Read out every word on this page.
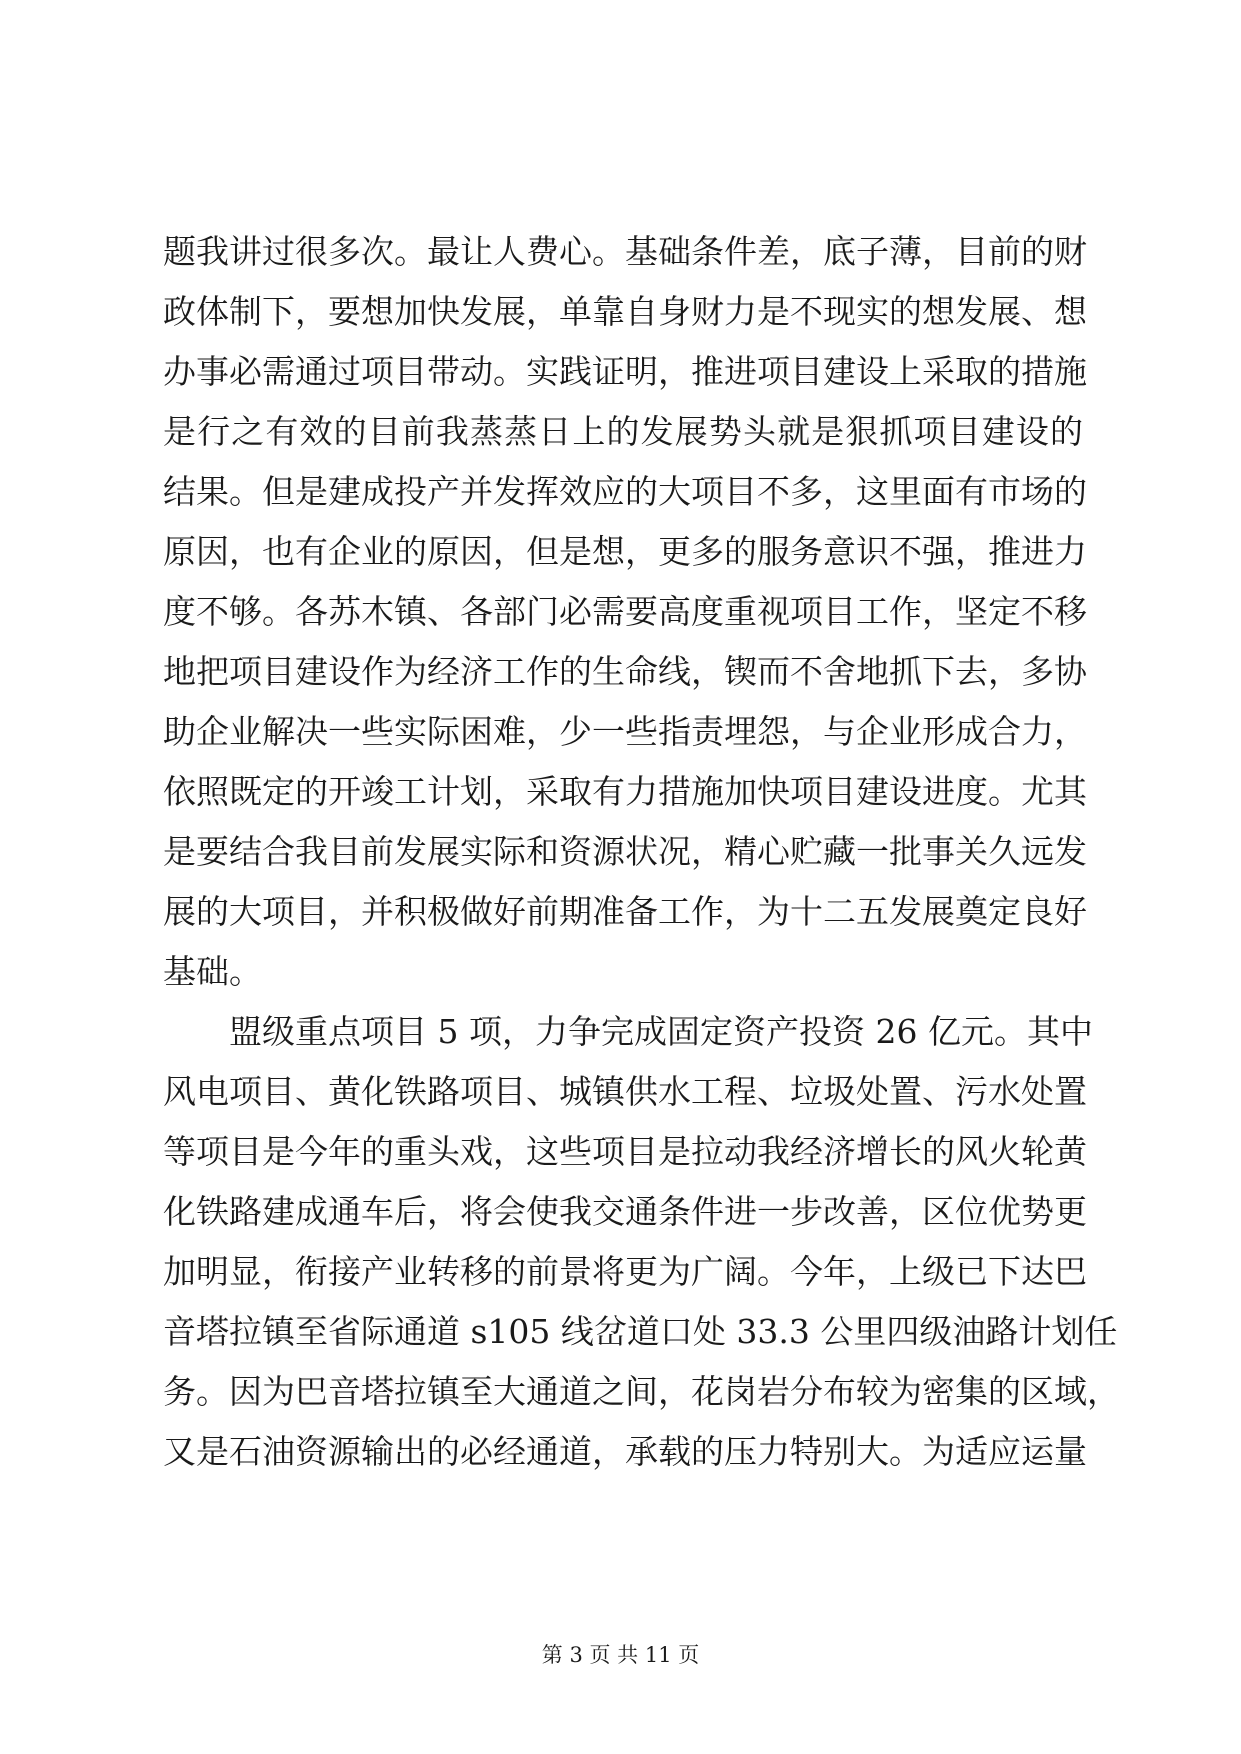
题我讲过很多次。最让人费心。基础条件差，底子薄，目前的财
政体制下，要想加快发展，单靠自身财力是不现实的想发展、想
办事必需通过项目带动。实践证明，推进项目建设上采取的措施
是行之有效的目前我蒸蒸日上的发展势头就是狠抓项目建设的
结果。但是建成投产并发挥效应的大项目不多，这里面有市场的
原因，也有企业的原因，但是想，更多的服务意识不强，推进力
度不够。各苏木镇、各部门必需要高度重视项目工作，坚定不移
地把项目建设作为经济工作的生命线，锲而不舍地抓下去，多协
助企业解决一些实际困难，少一些指责埋怨，与企业形成合力，
依照既定的开竣工计划，采取有力措施加快项目建设进度。尤其
是要结合我目前发展实际和资源状况，精心贮藏一批事关久远发
展的大项目，并积极做好前期准备工作，为十二五发展奠定良好
基础。
盟级重点项目 5 项，力争完成固定资产投资 26 亿元。其中
风电项目、黄化铁路项目、城镇供水工程、垃圾处置、污水处置
等项目是今年的重头戏，这些项目是拉动我经济增长的风火轮黄
化铁路建成通车后，将会使我交通条件进一步改善，区位优势更
加明显，衔接产业转移的前景将更为广阔。今年，上级已下达巴
音塔拉镇至省际通道 s105 线岔道口处 33.3 公里四级油路计划任
务。因为巴音塔拉镇至大通道之间，花岗岩分布较为密集的区域，
又是石油资源输出的必经通道，承载的压力特别大。为适应运量
第 3 页 共 11 页
